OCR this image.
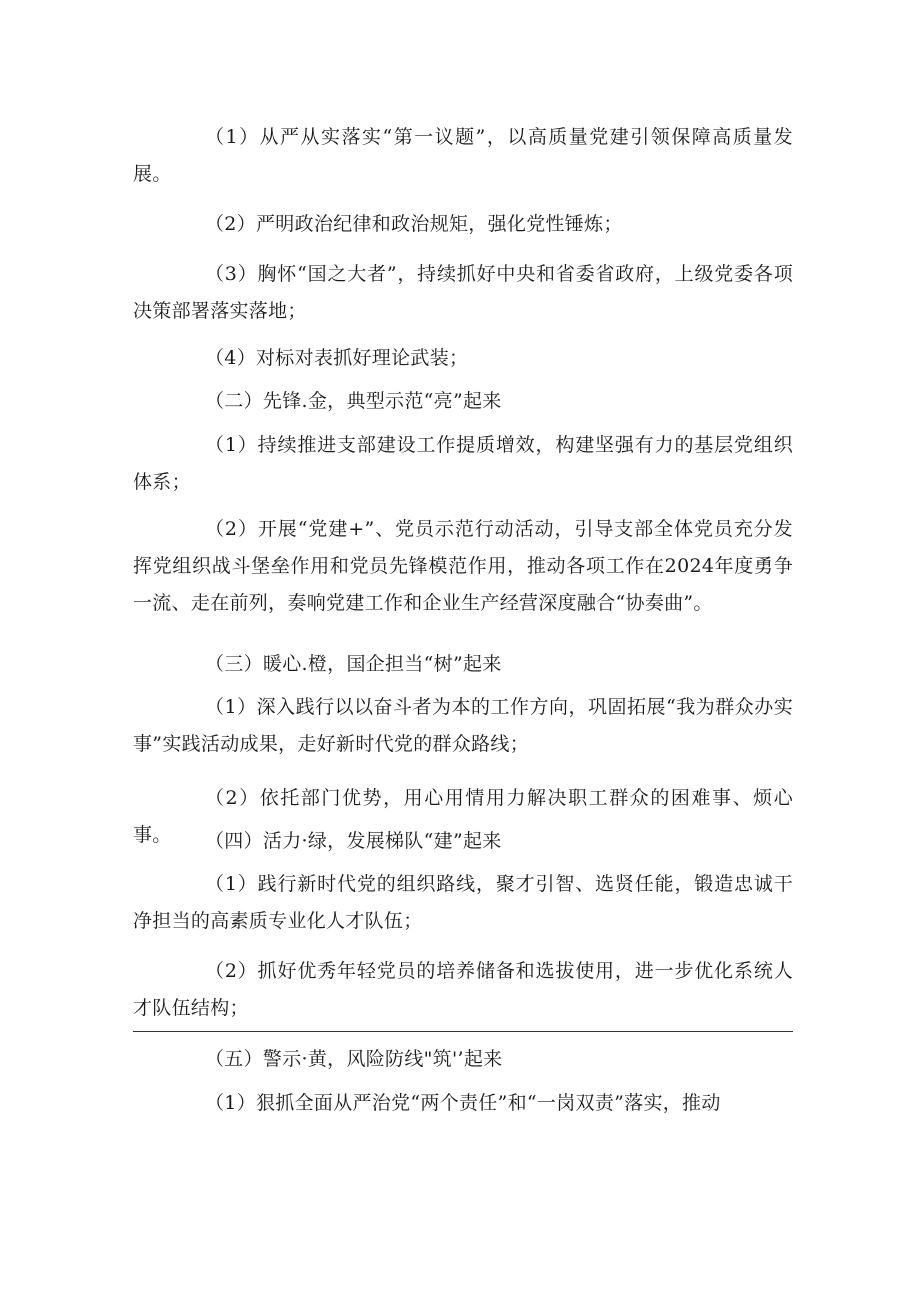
（1）从严从实落实“第一议题”，以高质量党建引领保障高质量发展。

（2）严明政治纪律和政治规矩，强化党性锤炼；

（3）胸怀“国之大者”，持续抓好中央和省委省政府，上级党委各项决策部署落实落地；

（4）对标对表抓好理论武装；

（二）先锋.金，典型示范“亮”起来

（1）持续推进支部建设工作提质增效，构建坚强有力的基层党组织体系；

（2）开展“党建+”、党员示范行动活动，引导支部全体党员充分发挥党组织战斗堡垒作用和党员先锋模范作用，推动各项工作在2024年度勇争一流、走在前列，奏响党建工作和企业生产经营深度融合“协奏曲”。

（三）暖心.橙，国企担当“树”起来

（1）深入践行以以奋斗者为本的工作方向，巩固拓展“我为群众办实事”实践活动成果，走好新时代党的群众路线；

（2）依托部门优势，用心用情用力解决职工群众的困难事、烦心事。	（四）活力·绿，发展梯队“建”起来

（1）践行新时代党的组织路线，聚才引智、选贤任能，锻造忠诚干净担当的高素质专业化人才队伍；

（2）抓好优秀年轻党员的培养储备和选拔使用，进一步优化系统人才队伍结构；

（五）警示·黄，风险防线"筑'’起来

（1）狠抓全面从严治党“两个责任”和“一岗双责”落实，推动
